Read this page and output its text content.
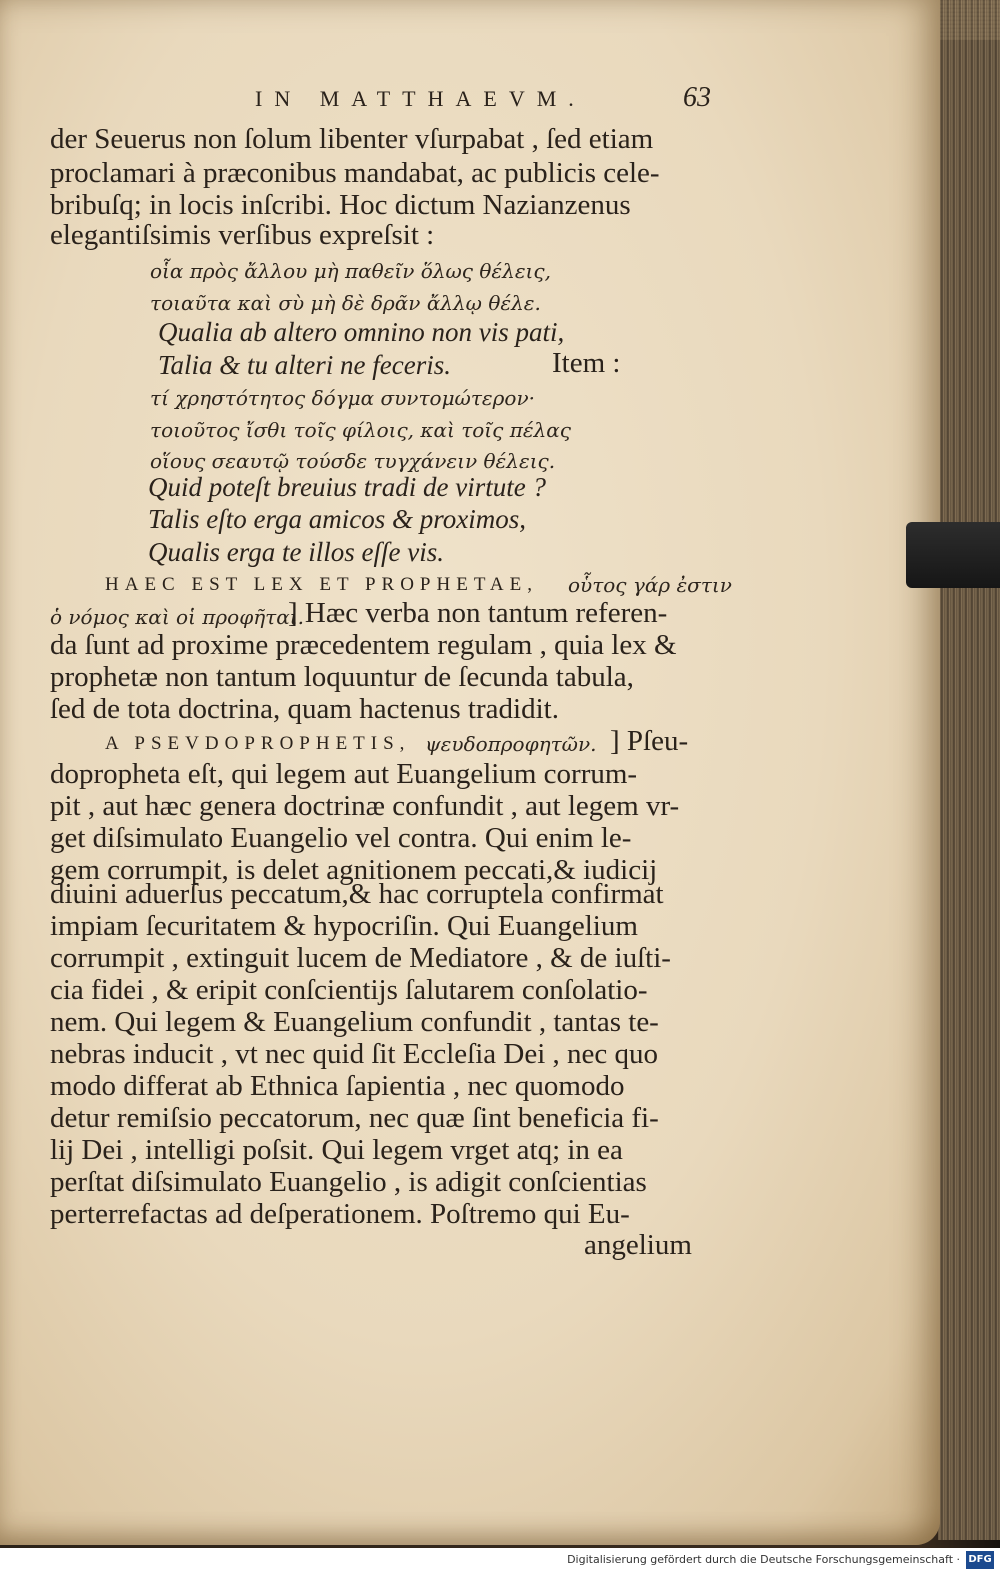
IN MATTHAEVM.	63
der Seuerus non ſolum libenter vſurpabat , ſed etiam
proclamari à præconibus mandabat, ac publicis cele-
bribuſq; in locis inſcribi. Hoc dictum Nazianzenus
elegantiſsimis verſibus expreſsit :
οἷα πρὸς ἄλλου μὴ παθεῖν ὅλως θέλεις,
τοιαῦτα καὶ σὺ μὴ δὲ δρᾶν ἄλλῳ θέλε.
Qualia ab altero omnino non vis pati,
Talia & tu alteri ne feceris.	Item :
τί χρηστότητος δόγμα συντομώτερον·
τοιοῦτος ἴσθι τοῖς φίλοις, καὶ τοῖς πέλας
οἵους σεαυτῷ τούσδε τυγχάνειν θέλεις.
Quid poteſt breuius tradi de virtute ?
Talis eſto erga amicos & proximos,
Qualis erga te illos eſſe vis.
HAEC EST LEX ET PROPHETAE, οὗτος γάρ ἐστιν
ὁ νόμος καὶ οἱ προφῆται.
] Hæc verba non tantum referen-
da ſunt ad proxime præcedentem regulam , quia lex &
prophetæ non tantum loquuntur de ſecunda tabula,
ſed de tota doctrina, quam hactenus tradidit.
A PSEVDOPROPHETIS, ψευδοπροφητῶν. ] Pſeu-
dopropheta eſt, qui legem aut Euangelium corrum-
pit , aut hæc genera doctrinæ confundit , aut legem vr-
get diſsimulato Euangelio vel contra. Qui enim le-
gem corrumpit, is delet agnitionem peccati,& iudicij
diuini aduerſus peccatum,& hac corruptela confirmat
impiam ſecuritatem & hypocriſin. Qui Euangelium
corrumpit , extinguit lucem de Mediatore , & de iuſti-
cia fidei , & eripit conſcientijs ſalutarem conſolatio-
nem. Qui legem & Euangelium confundit , tantas te-
nebras inducit , vt nec quid ſit Eccleſia Dei , nec quo
modo differat ab Ethnica ſapientia , nec quomodo
detur remiſsio peccatorum, nec quæ ſint beneficia fi-
lij Dei , intelligi poſsit. Qui legem vrget atq; in ea
perſtat diſsimulato Euangelio , is adigit conſcientias
perterrefactas ad deſperationem. Poſtremo qui Eu-
angelium
Digitalisierung gefördert durch die Deutsche Forschungsgemeinschaft · DFG
